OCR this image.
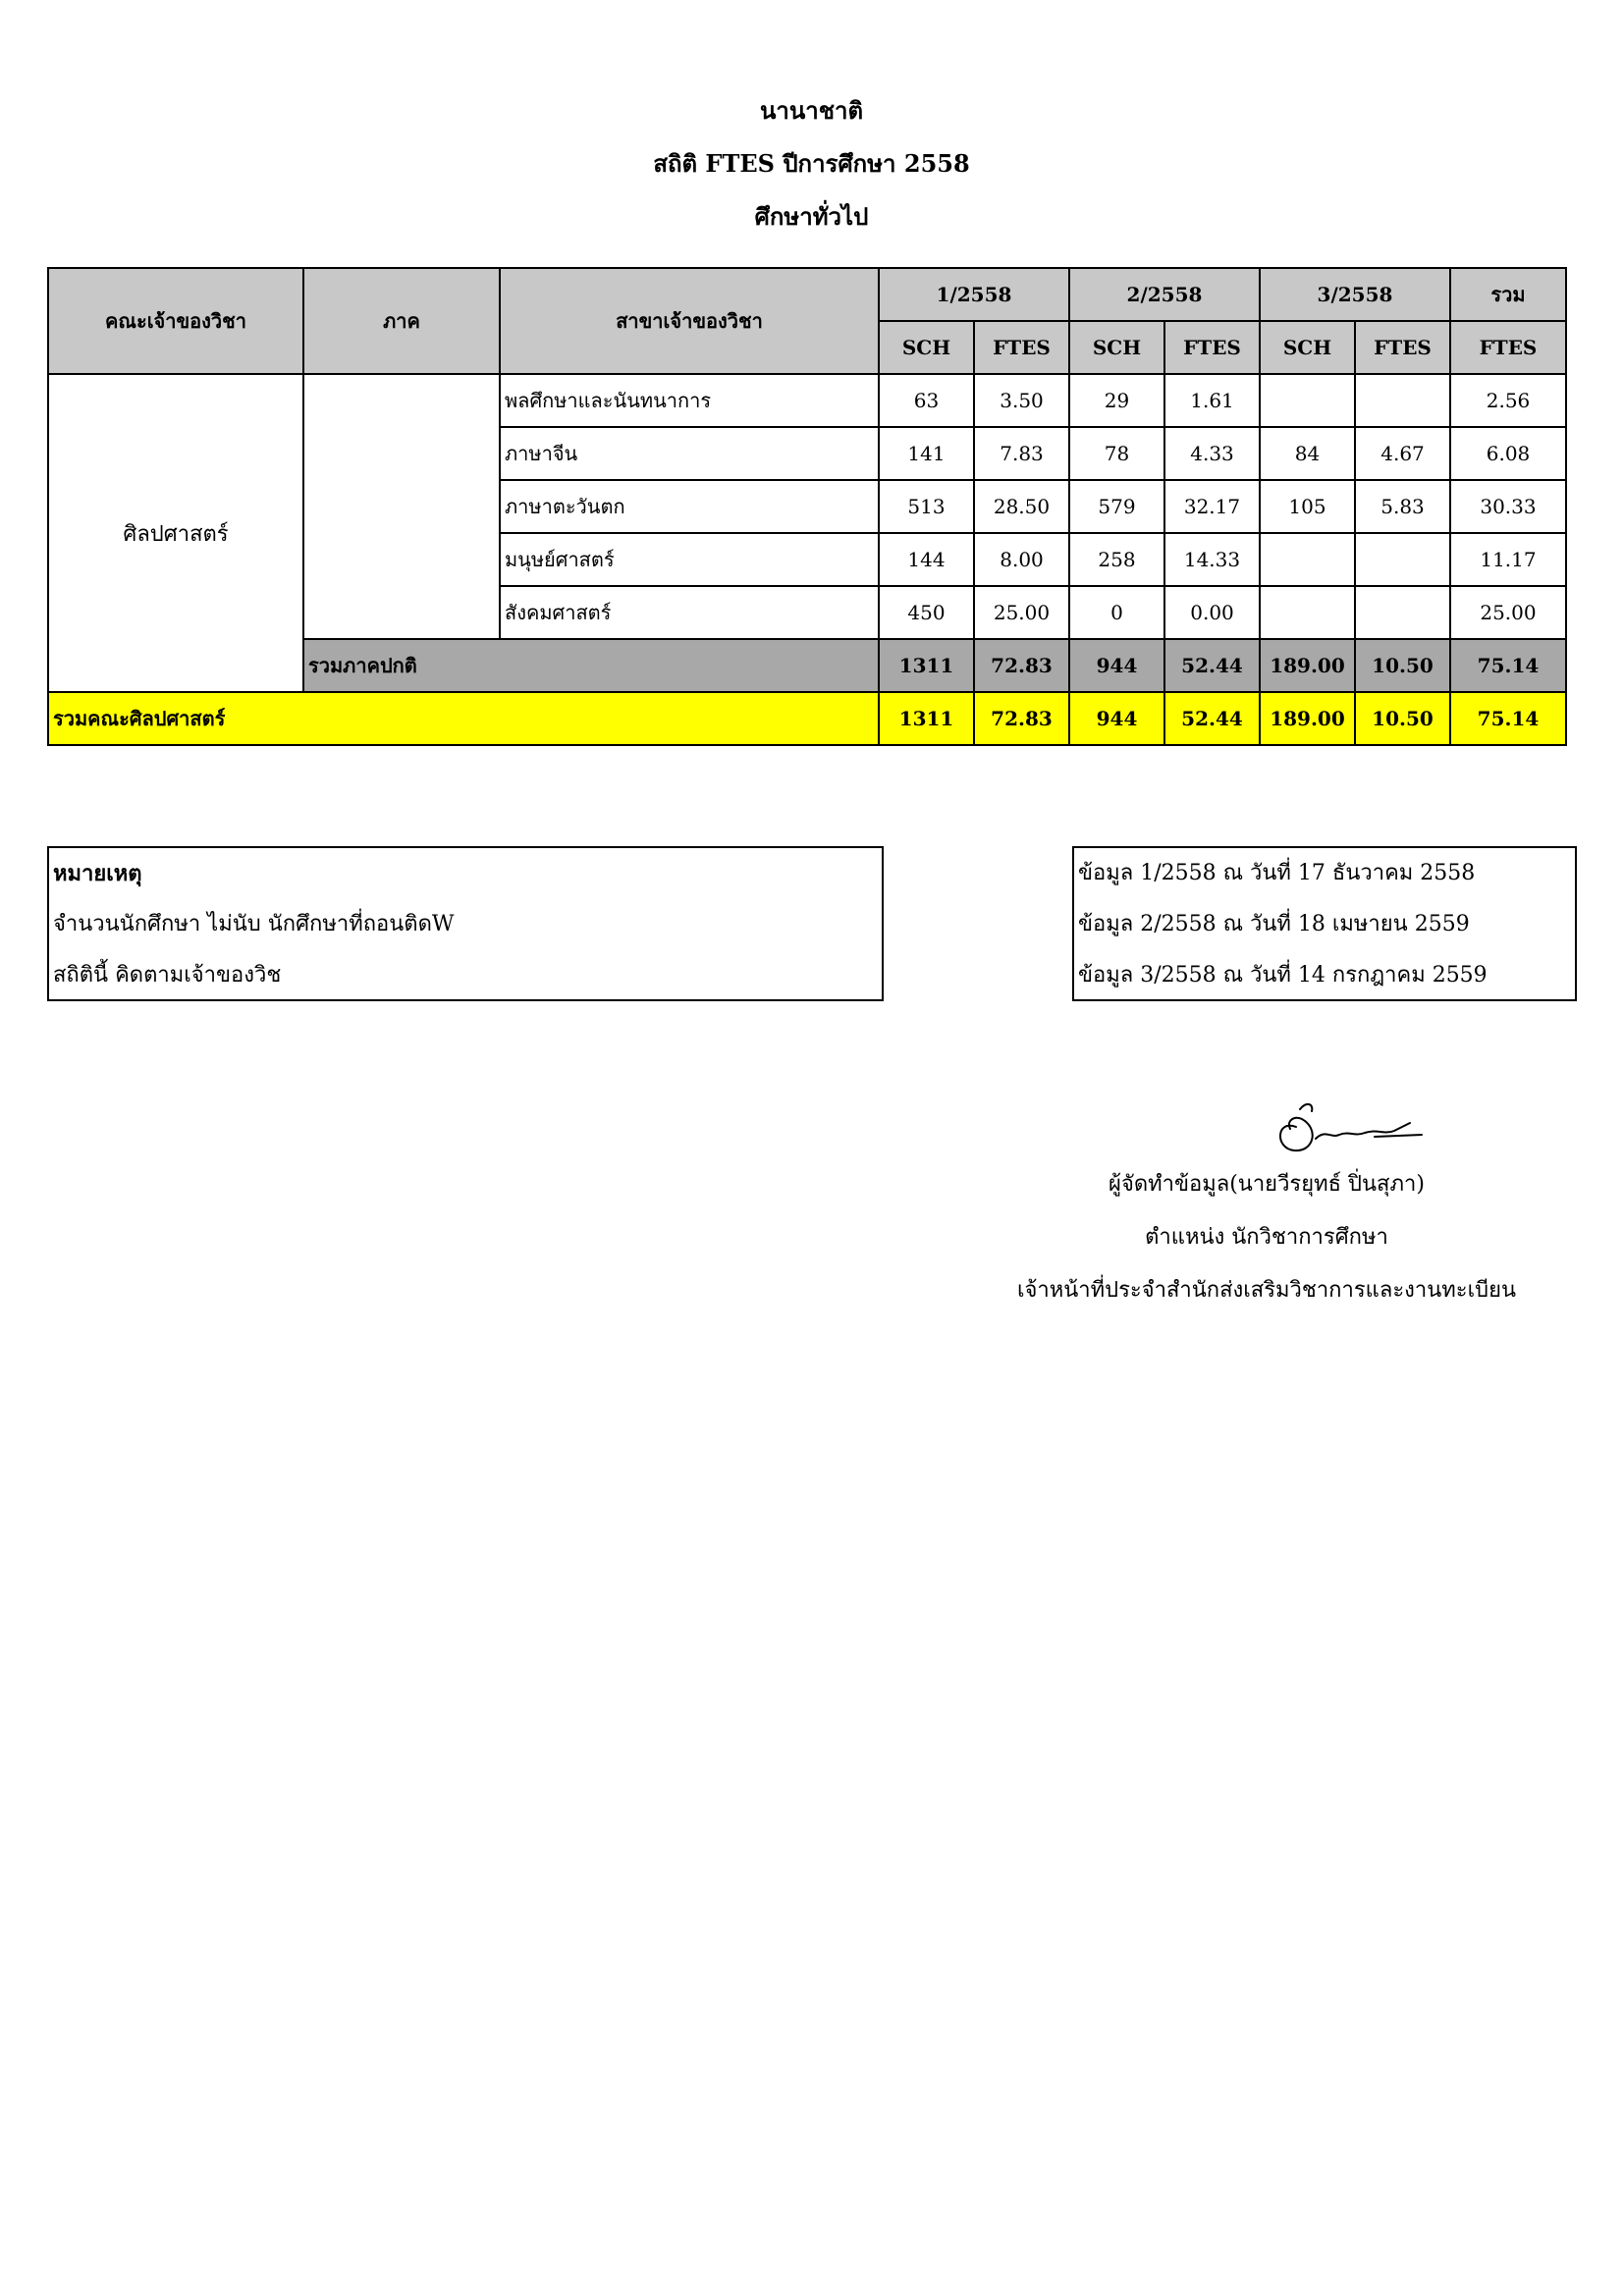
นานาชาติ
สถิติ FTES ปีการศึกษา 2558
ศึกษาทั่วไป
คณะเจ้าของวิชา	ภาค	สาขาเจ้าของวิชา	1/2558		2/2558		3/2558		รวม
			SCH	FTES	SCH	FTES	SCH	FTES	FTES
ศิลปศาสตร์		พลศึกษาและนันทนาการ	63	3.50	29	1.61			2.56
		ภาษาจีน	141	7.83	78	4.33	84	4.67	6.08
		ภาษาตะวันตก	513	28.50	579	32.17	105	5.83	30.33
		มนุษย์ศาสตร์	144	8.00	258	14.33			11.17
		สังคมศาสตร์	450	25.00	0	0.00			25.00
	รวมภาคปกติ		1311	72.83	944	52.44	189.00	10.50	75.14
รวมคณะศิลปศาสตร์			1311	72.83	944	52.44	189.00	10.50	75.14
หมายเหตุ
จำนวนนักศึกษา ไม่นับ นักศึกษาที่ถอนติดW
สถิตินี้ คิดตามเจ้าของวิช
ข้อมูล 1/2558 ณ วันที่ 17 ธันวาคม 2558
ข้อมูล 2/2558 ณ วันที่ 18 เมษายน 2559
ข้อมูล 3/2558 ณ วันที่ 14 กรกฎาคม 2559
ผู้จัดทำข้อมูล(นายวีรยุทธ์ ปิ่นสุภา)
ตำแหน่ง นักวิชาการศึกษา
เจ้าหน้าที่ประจำสำนักส่งเสริมวิชาการและงานทะเบียน
